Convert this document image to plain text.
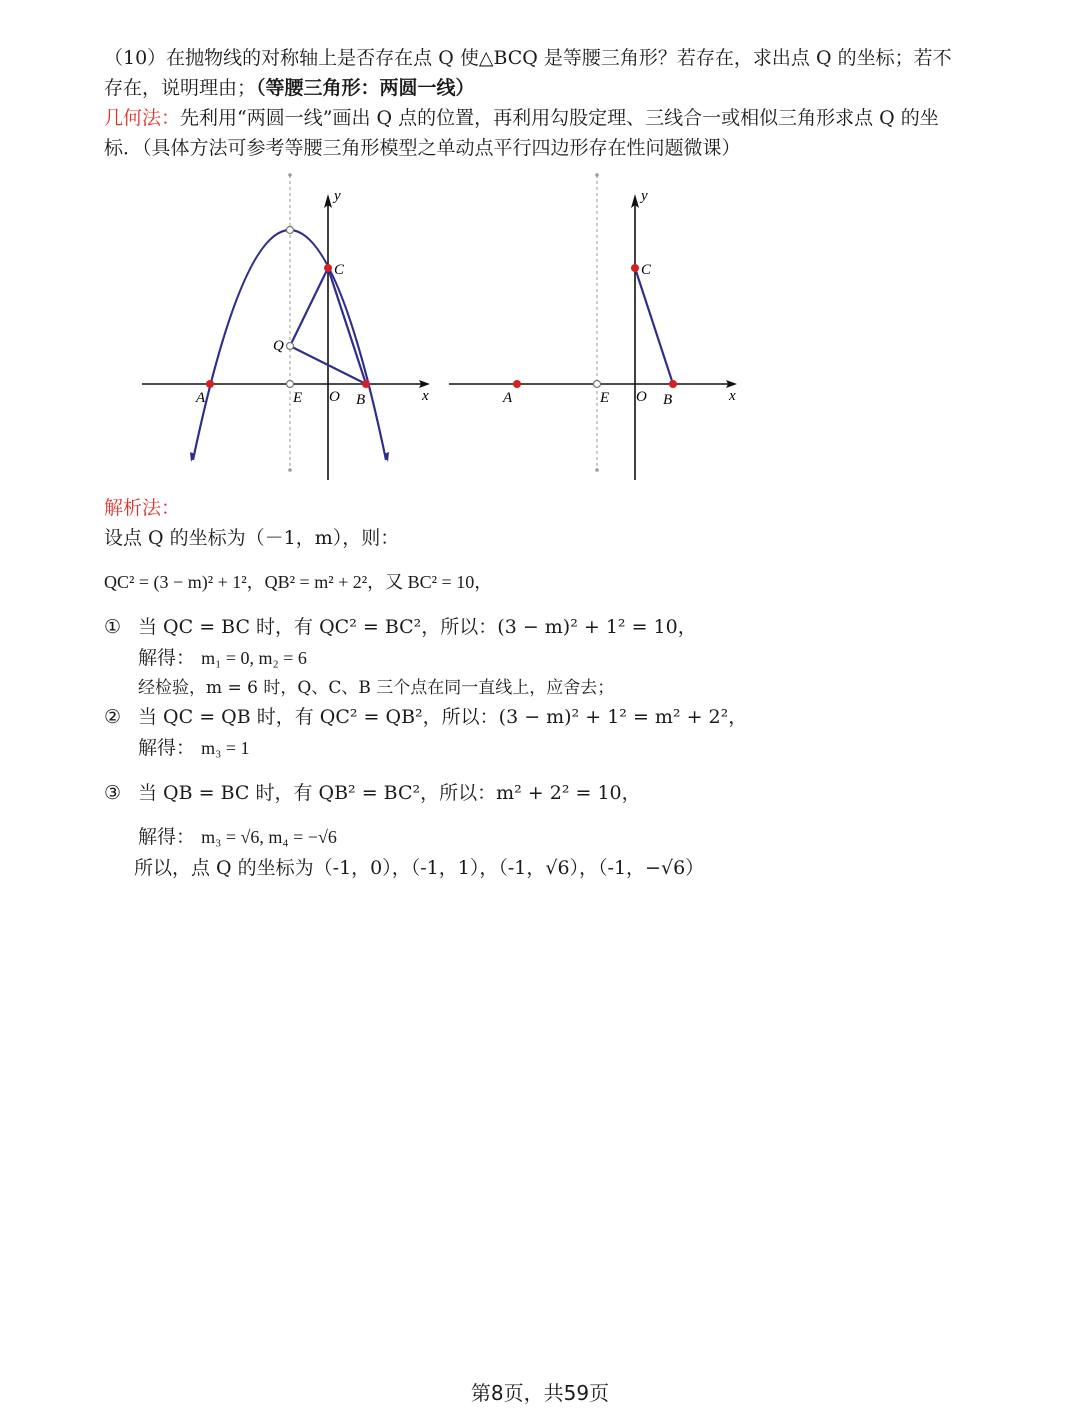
（10）在抛物线的对称轴上是否存在点 Q 使△BCQ 是等腰三角形？若存在，求出点 Q 的坐标；若不
存在，说明理由；（等腰三角形：两圆一线）
几何法：先利用“两圆一线”画出 Q 点的位置，再利用勾股定理、三线合一或相似三角形求点 Q 的坐
标．（具体方法可参考等腰三角形模型之单动点平行四边形存在性问题微课）
y
x
C
Q
A	E O B
y
x
C
A	E O B
解析法：
设点 Q 的坐标为（－1，m），则：
QC² = (3 − m)² + 1²，QB² = m² + 2²，又 BC² = 10，
① 当 QC = BC 时，有 QC² = BC²，所以：(3 − m)² + 1² = 10，
解得： m₁ = 0, m₂ = 6
经检验，m = 6 时，Q、C、B 三个点在同一直线上，应舍去；
② 当 QC = QB 时，有 QC² = QB²，所以：(3 − m)² + 1² = m² + 2²，
解得： m₃ = 1
③ 当 QB = BC 时，有 QB² = BC²，所以：m² + 2² = 10，
解得： m₃ = √6, m₄ = −√6
所以，点 Q 的坐标为（-1，0），（-1，1），（-1，√6），（-1，−√6）
第8页，共59页
